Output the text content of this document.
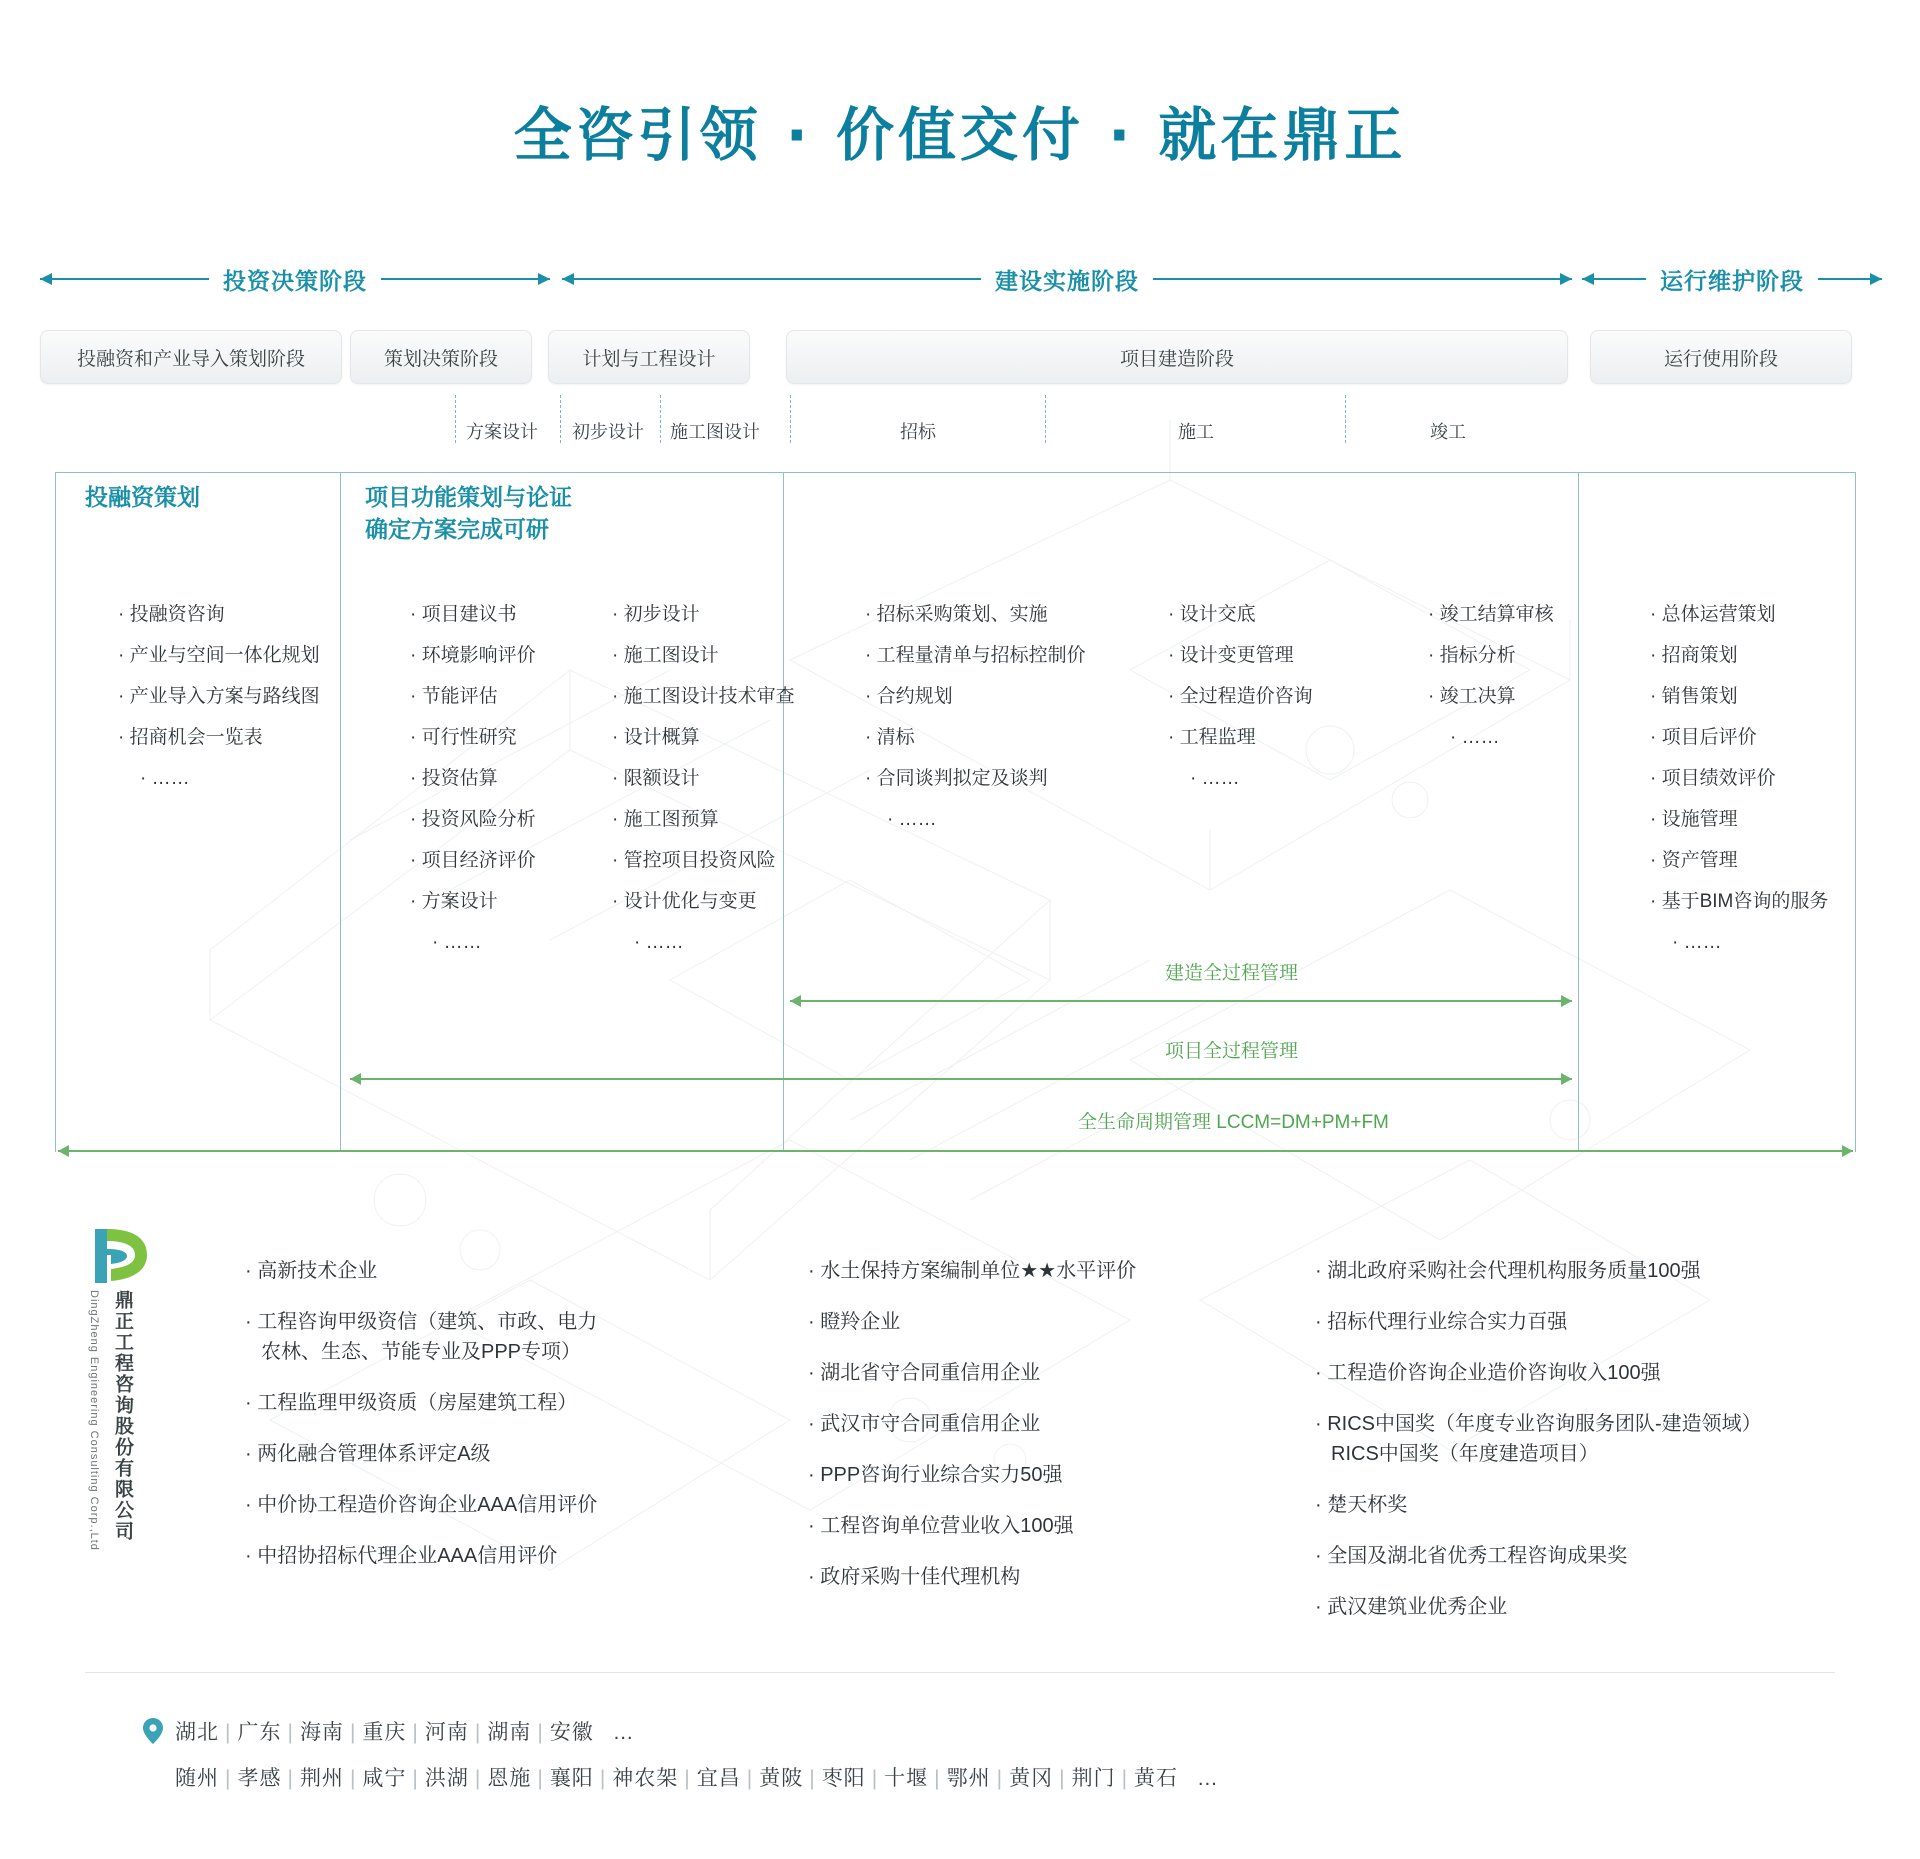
全咨引领 · 价值交付 · 就在鼎正
投资决策阶段	建设实施阶段	运行维护阶段
投融资和产业导入策划阶段	策划决策阶段	计划与工程设计	项目建造阶段	运行使用阶段
方案设计 初步设计 施工图设计	招标	施工	竣工
投融资策划	项目功能策划与论证
确定方案完成可研
· 投融资咨询
· 产业与空间一体化规划
· 产业导入方案与路线图
· 招商机会一览表
· ……
· 项目建议书
· 环境影响评价
· 节能评估
· 可行性研究
· 投资估算
· 投资风险分析
· 项目经济评价
· 方案设计
· ……
· 初步设计
· 施工图设计
· 施工图设计技术审查
· 设计概算
· 限额设计
· 施工图预算
· 管控项目投资风险
· 设计优化与变更
· ……
· 招标采购策划、实施
· 工程量清单与招标控制价
· 合约规划
· 清标
· 合同谈判拟定及谈判
· ……
· 设计交底
· 设计变更管理
· 全过程造价咨询
· 工程监理
· ……
· 竣工结算审核
· 指标分析
· 竣工决算
· ……
· 总体运营策划
· 招商策划
· 销售策划
· 项目后评价
· 项目绩效评价
· 设施管理
· 资产管理
· 基于BIM咨询的服务
· ……
建造全过程管理
项目全过程管理
全生命周期管理 LCCM=DM+PM+FM
鼎正工程咨询股份有限公司
DingZheng Engineering Consulting Corp.,Ltd
· 高新技术企业
· 工程咨询甲级资信（建筑、市政、电力
农林、生态、节能专业及PPP专项）
· 工程监理甲级资质（房屋建筑工程）
· 两化融合管理体系评定A级
· 中价协工程造价咨询企业AAA信用评价
· 中招协招标代理企业AAA信用评价
· 水土保持方案编制单位★★水平评价
· 瞪羚企业
· 湖北省守合同重信用企业
· 武汉市守合同重信用企业
· PPP咨询行业综合实力50强
· 工程咨询单位营业收入100强
· 政府采购十佳代理机构
· 湖北政府采购社会代理机构服务质量100强
· 招标代理行业综合实力百强
· 工程造价咨询企业造价咨询收入100强
· RICS中国奖（年度专业咨询服务团队-建造领域）
RICS中国奖（年度建造项目）
· 楚天杯奖
· 全国及湖北省优秀工程咨询成果奖
· 武汉建筑业优秀企业
湖北 | 广东 | 海南 | 重庆 | 河南 | 湖南 | 安徽 …
随州 | 孝感 | 荆州 | 咸宁 | 洪湖 | 恩施 | 襄阳 | 神农架 | 宜昌 | 黄陂 | 枣阳 | 十堰 | 鄂州 | 黄冈 | 荆门 | 黄石 …
